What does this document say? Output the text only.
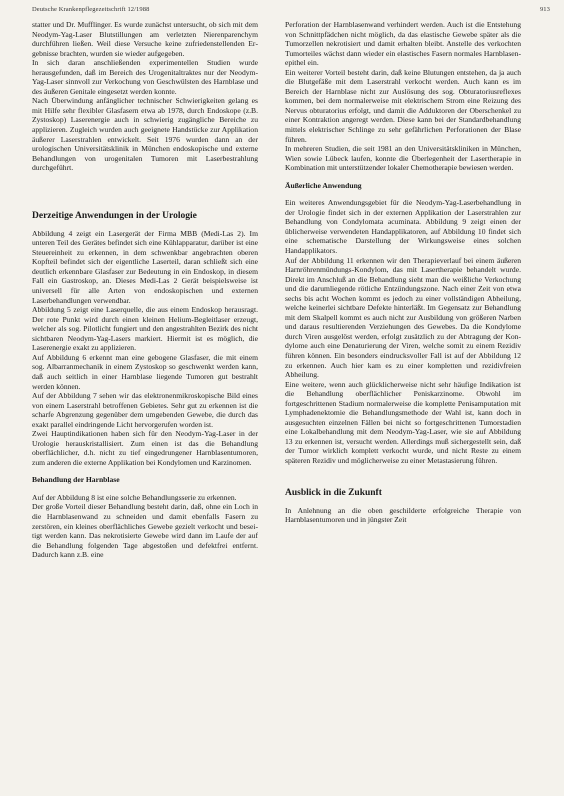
Deutsche Krankenpflegezeitschrift 12/1988	913

statter und Dr. Mufflinger. Es wurde zunächst untersucht, ob sich mit dem Neodym-Yag-Laser Blutstillungen am verletzten Nierenparenchym durchführen ließen. Weil diese Versuche keine zufriedenstellenden Ergebnisse brachten, wurden sie wieder aufgegeben.

In sich daran anschließenden experimentellen Studien wurde herausgefunden, daß im Bereich des Urogenitaltraktes nur der Neodym-Yag-Laser sinnvoll zur Verkochung von Geschwülsten des Harnblase und des äußeren Genitale eingesetzt werden konnte.

Nach Überwindung anfänglicher technischer Schwierigkeiten gelang es mit Hilfe sehr flexibler Glasfasern etwa ab 1978, durch Endoskope (z.B. Zystoskop) Laserenergie auch in schwierig zugängliche Bereiche zu applizieren. Zugleich wurden auch geeignete Handstücke zur Applikation äußerer Laserstrahlen entwickelt. Seit 1976 wurden dann an der urologischen Universitätsklinik in München endoskopische und externe Behandlungen von urogenitalen Tumoren mit Laserbestrahlung durchgeführt.

Derzeitige Anwendungen in der Urologie

Abbildung 4 zeigt ein Lasergerät der Firma MBB (Medi-Las 2). Im unteren Teil des Gerätes befindet sich eine Kühlapparatur, darüber ist eine Steuereinheit zu erkennen, in dem schwenkbar angebrachten oberen Kopfteil befindet sich der eigentliche Laserteil, daran schließt sich eine deutlich erkennbare Glasfaser zur Bedeutung in ein Endoskop, in diesem Fall ein Gastroskop, an. Dieses Medi-Las 2 Gerät beispielsweise ist universell für alle Arten von endoskopischen und externen Laserbehandlungen verwendbar.

Abbildung 5 zeigt eine Laserquelle, die aus einem Endoskop herausragt. Der rote Punkt wird durch einen kleinen Helium-Begleitlaser erzeugt, welcher als sog. Pilotlicht fungiert und den angestrahlten Bezirk des nicht sichtbaren Neodym-Yag-Lasers markiert. Hiermit ist es möglich, die Laserenergie exakt zu applizieren.

Auf Abbildung 6 erkennt man eine gebogene Glasfaser, die mit einem sog. Albarranmechanik in einem Zystoskop so geschwenkt werden kann, daß auch seitlich in einer Harnblase liegende Tumoren gut bestrahlt werden können.

Auf der Abbildung 7 sehen wir das elektronenmikroskopische Bild eines von einem Laserstrahl betroffenen Gebietes. Sehr gut zu erkennen ist die scharfe Abgrenzung gegenüber dem umgebenden Gewebe, die durch das exakt parallel eindringende Licht hervorgerufen worden ist.

Zwei Hauptindikationen haben sich für den Neodym-Yag-Laser in der Urologie herauskristallisiert. Zum einen ist das die Behandlung oberflächlicher, d.h. nicht zu tief eingedrungener Harnblasentumoren, zum anderen die externe Applikation bei Kondylomen und Karzinomen.

Behandlung der Harnblase

Auf der Abbildung 8 ist eine solche Behandlungsserie zu erkennen.

Der große Vorteil dieser Behandlung besteht darin, daß, ohne ein Loch in die Harnblasenwand zu schneiden und damit ebenfalls Fasern zu zerstören, ein kleines oberflächliches Gewebe gezielt verkocht und beseitigt werden kann. Das nekrotisierte Gewebe wird dann im Laufe der auf die Behandlung folgenden Tage abgestoßen und defektfrei entfernt. Dadurch kann z.B. eine

Perforation der Harnblasenwand verhindert werden. Auch ist die Entstehung von Schnittpfädchen nicht möglich, da das elastische Gewebe später als die Tumorzellen nekrotisiert und damit erhalten bleibt. Anstelle des verkochten Tumorteiles wächst dann wieder ein elastisches Fasern normales Harnblasenepithel ein.

Ein weiterer Vorteil besteht darin, daß keine Blutungen entstehen, da ja auch die Blutgefäße mit dem Laserstrahl verkocht werden. Auch kann es im Bereich der Harnblase nicht zur Auslösung des sog. Obturatoriusreflexes kommen, bei dem normalerweise mit elektrischem Strom eine Reizung des Nervus obturatorius erfolgt, und damit die Adduktoren der Oberschenkel zu einer Kontraktion angeregt werden. Diese kann bei der Standardbehandlung mittels elektrischer Schlinge zu sehr gefährlichen Perforationen der Blase führen.

In mehreren Studien, die seit 1981 an den Universitätskliniken in München, Wien sowie Lübeck laufen, konnte die Überlegenheit der Lasertherapie in Kombination mit unterstützender lokaler Chemotherapie bewiesen werden.

Äußerliche Anwendung

Ein weiteres Anwendungsgebiet für die Neodym-Yag-Laserbehandlung in der Urologie findet sich in der externen Applikation der Laserstrahlen zur Behandlung von Condylomata acuminata. Abbildung 9 zeigt einen der üblicherweise verwendeten Handapplikatoren, auf Abbildung 10 findet sich eine schematische Darstellung der Wirkungsweise eines solchen Handapplikators.

Auf der Abbildung 11 erkennen wir den Therapieverlauf bei einem äußeren Harnröhrenmündungs-Kondylom, das mit Lasertherapie behandelt wurde. Direkt im Anschluß an die Behandlung sieht man die weißliche Verkochung und die darumliegende rötliche Entzündungszone. Nach einer Zeit von etwa sechs bis acht Wochen kommt es jedoch zu einer vollständigen Abheilung, welche keinerlei sichtbare Defekte hinterläßt. Im Gegensatz zur Behandlung mit dem Skalpell kommt es auch nicht zur Ausbildung von größeren Narben und daraus resultierenden Verziehungen des Gewebes. Da die Kondylome durch Viren ausgelöst werden, erfolgt zusätzlich zu der Abtragung der Kondylome auch eine Denaturierung der Viren, welche somit zu einem Rezidiv führen können. Ein besonders eindrucksvoller Fall ist auf der Abbildung 12 zu erkennen. Auch hier kam es zu einer kompletten und rezidivfreien Abheilung.

Eine weitere, wenn auch glücklicherweise nicht sehr häufige Indikation ist die Behandlung oberflächlicher Peniskarzinome. Obwohl im fortgeschrittenen Stadium normalerweise die komplette Penisamputation mit Lymphadenektomie die Behandlungsmethode der Wahl ist, kann doch in ausgesuchten einzelnen Fällen bei nicht so fortgeschrittenen Tumorstadien eine Lokalbehandlung mit dem Neodym-Yag-Laser, wie sie auf Abbildung 13 zu erkennen ist, versucht werden. Allerdings muß sichergestellt sein, daß der Tumor wirklich komplett verkocht wurde, und nicht Reste zu einem späteren Rezidiv und möglicherweise zu einer Metastasierung führen.

Ausblick in die Zukunft

In Anlehnung an die oben geschilderte erfolgreiche Therapie von Harnblasentumoren und in jüngster Zeit
